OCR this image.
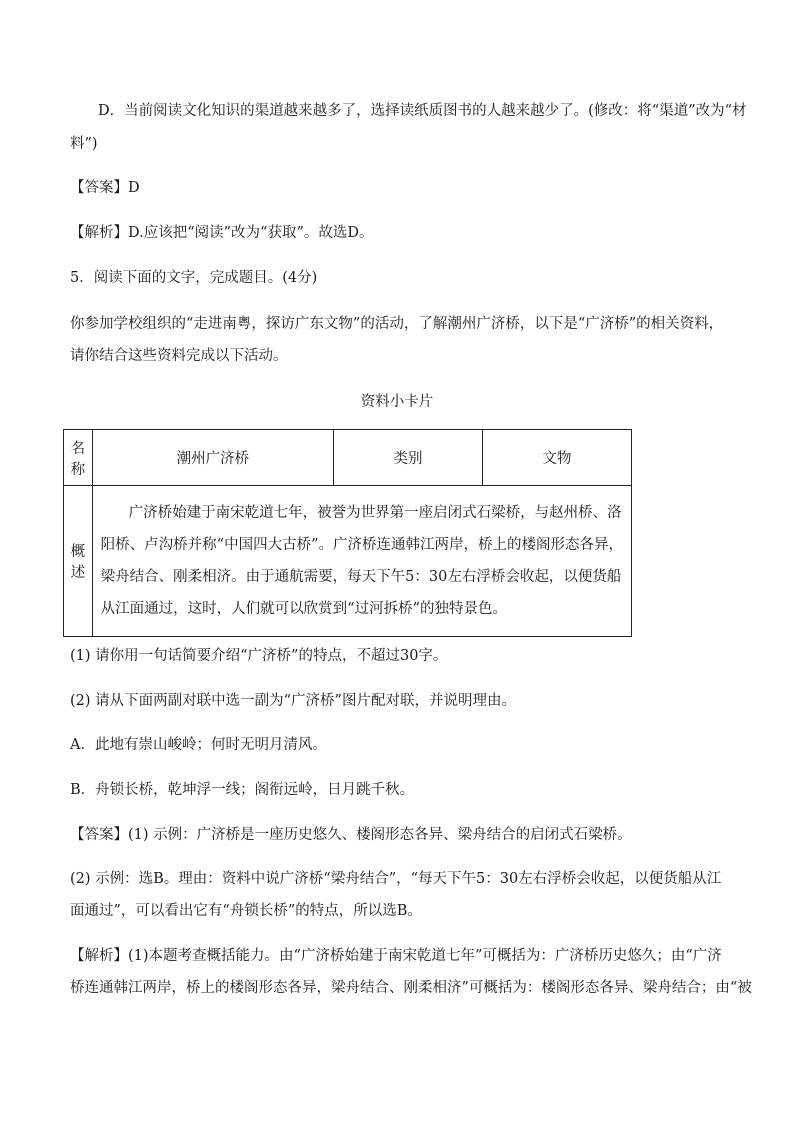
D．当前阅读文化知识的渠道越来越多了，选择读纸质图书的人越来越少了。(修改：将“渠道”改为“材
料”)
【答案】D
【解析】D.应该把“阅读”改为“获取”。故选D。
5．阅读下面的文字，完成题目。(4分)
你参加学校组织的“走进南粤，探访广东文物”的活动，了解潮州广济桥，以下是“广济桥”的相关资料，
请你结合这些资料完成以下活动。
资料小卡片
名称	潮州广济桥	类别	文物
概述	广济桥始建于南宋乾道七年，被誉为世界第一座启闭式石梁桥，与赵州桥、洛
阳桥、卢沟桥并称“中国四大古桥”。广济桥连通韩江两岸，桥上的楼阁形态各异，
梁舟结合、刚柔相济。由于通航需要，每天下午5：30左右浮桥会收起，以便货船
从江面通过，这时，人们就可以欣赏到“过河拆桥”的独特景色。		
(1) 请你用一句话简要介绍“广济桥”的特点，不超过30字。
(2) 请从下面两副对联中选一副为“广济桥”图片配对联，并说明理由。
A．此地有崇山峻岭；何时无明月清风。
B．舟锁长桥，乾坤浮一线；阁衔远岭，日月跳千秋。
【答案】(1) 示例：广济桥是一座历史悠久、楼阁形态各异、梁舟结合的启闭式石梁桥。
(2) 示例：选B。理由：资料中说广济桥“梁舟结合”，“每天下午5：30左右浮桥会收起，以便货船从江
面通过”，可以看出它有“舟锁长桥”的特点，所以选B。
【解析】(1)本题考查概括能力。由“广济桥始建于南宋乾道七年”可概括为：广济桥历史悠久；由“广济
桥连通韩江两岸，桥上的楼阁形态各异，梁舟结合、刚柔相济”可概括为：楼阁形态各异、梁舟结合；由“被
